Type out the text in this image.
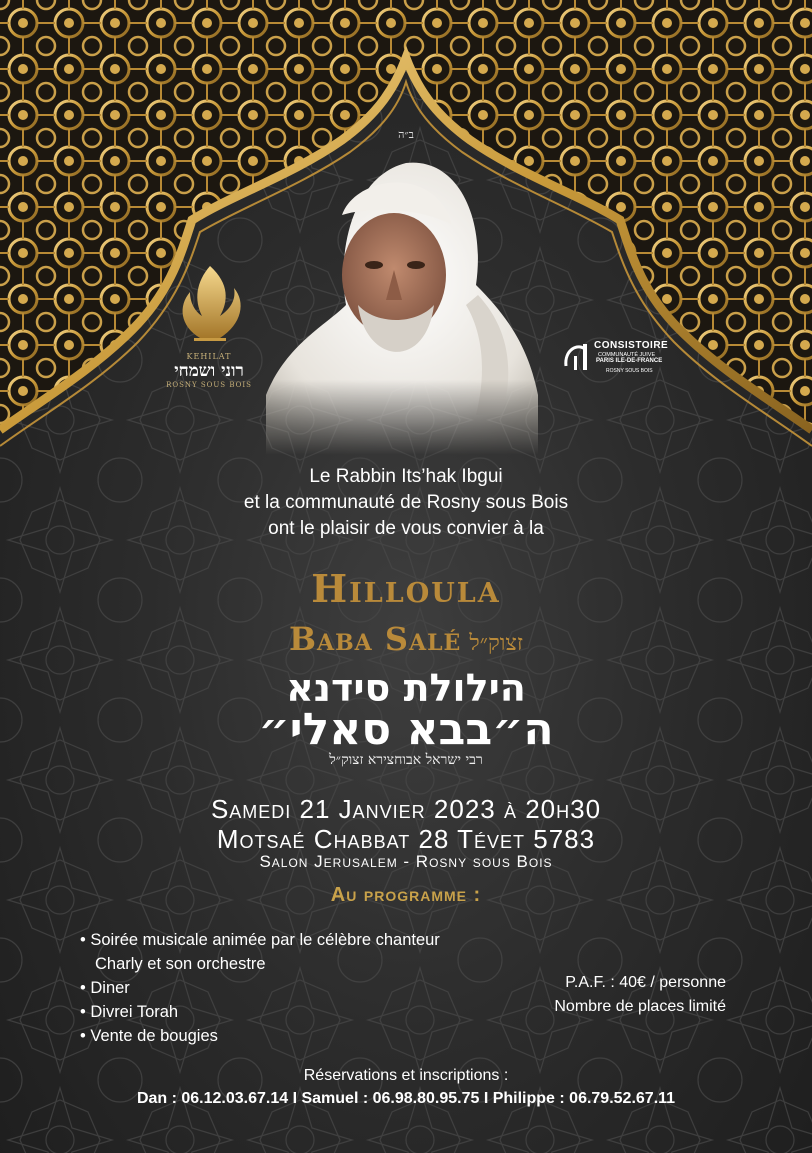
ב״ה
KEHILAT
רוני ושמחי
ROSNY SOUS BOIS
CONSISTOIRE
COMMUNAUTÉ JUIVE
PARIS ILE-DE-FRANCE
ROSNY SOUS BOIS
Le Rabbin Its’hak Ibgui
et la communauté de Rosny sous Bois
ont le plaisir de vous convier à la
Hilloula
Baba Salé זצוק״ל
הילולת סידנא
ה״בבא סאלי״
רבי ישראל אבוחצירא זצוק״ל
Samedi 21 Janvier 2023 à 20h30
Motsaé Chabbat 28 Tévet 5783
Salon Jerusalem - Rosny sous Bois
Au programme :
• Soirée musicale animée par le célèbre chanteur Charly et son orchestre
• Diner
• Divrei Torah
• Vente de bougies
P.A.F. : 40€ / personne
Nombre de places limité
Réservations et inscriptions :
Dan : 06.12.03.67.14 I Samuel : 06.98.80.95.75 I Philippe : 06.79.52.67.11
